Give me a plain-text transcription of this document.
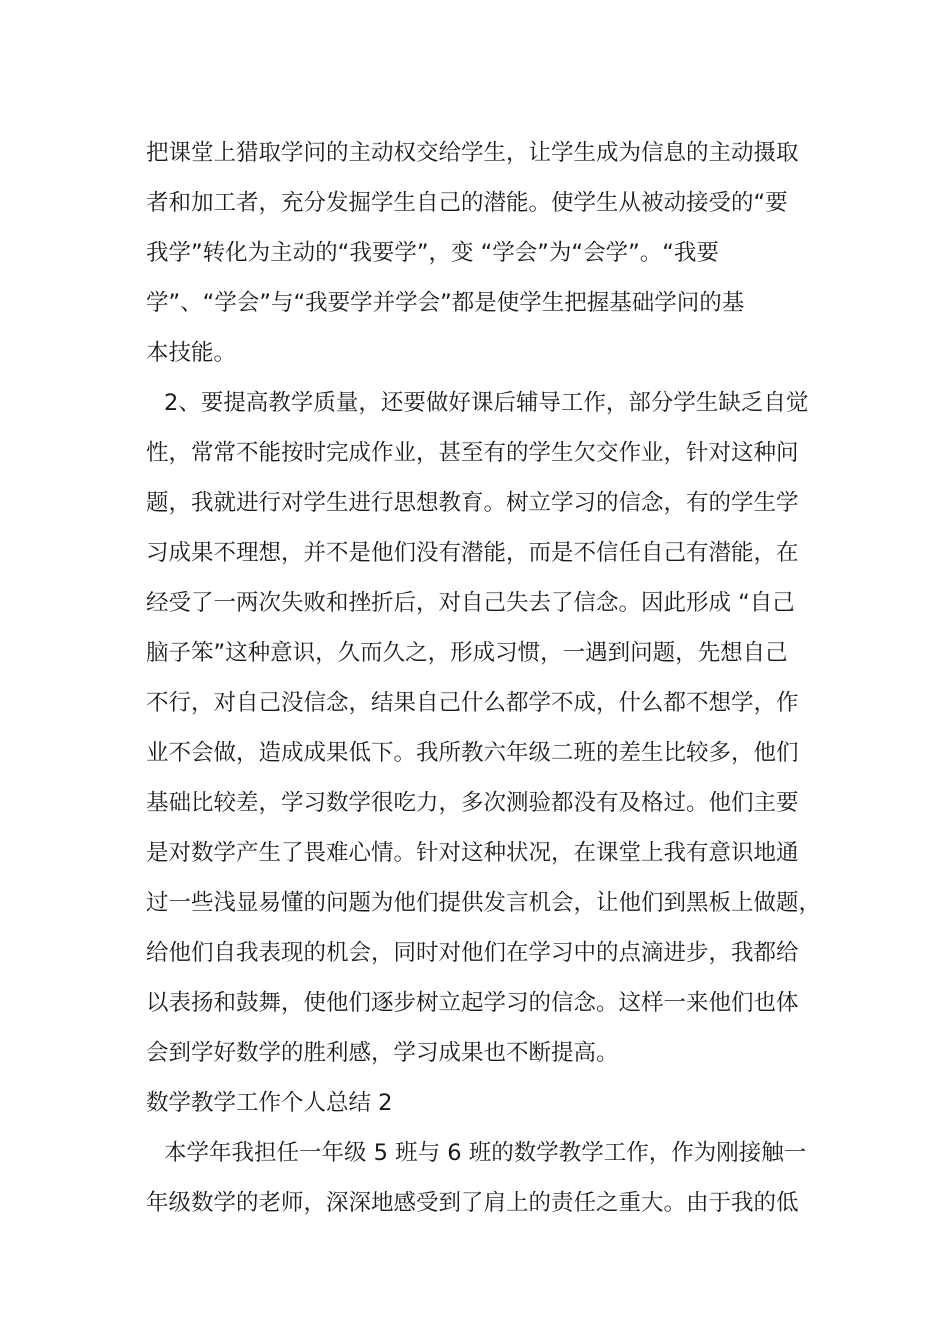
把课堂上猎取学问的主动权交给学生，让学生成为信息的主动摄取
者和加工者，充分发掘学生自己的潜能。使学生从被动接受的“要
我学”转化为主动的“我要学”，变 “学会”为“会学”。“我要
学”、“学会”与“我要学并学会”都是使学生把握基础学问的基
本技能。
2、要提高教学质量，还要做好课后辅导工作，部分学生缺乏自觉
性，常常不能按时完成作业，甚至有的学生欠交作业，针对这种问
题，我就进行对学生进行思想教育。树立学习的信念，有的学生学
习成果不理想，并不是他们没有潜能，而是不信任自己有潜能，在
经受了一两次失败和挫折后，对自己失去了信念。因此形成 “自己
脑子笨”这种意识，久而久之，形成习惯，一遇到问题，先想自己
不行，对自己没信念，结果自己什么都学不成，什么都不想学，作
业不会做，造成成果低下。我所教六年级二班的差生比较多，他们
基础比较差，学习数学很吃力，多次测验都没有及格过。他们主要
是对数学产生了畏难心情。针对这种状况，在课堂上我有意识地通
过一些浅显易懂的问题为他们提供发言机会，让他们到黑板上做题，
给他们自我表现的机会，同时对他们在学习中的点滴进步，我都给
以表扬和鼓舞，使他们逐步树立起学习的信念。这样一来他们也体
会到学好数学的胜利感，学习成果也不断提高。
数学教学工作个人总结 2
本学年我担任一年级 5 班与 6 班的数学教学工作，作为刚接触一
年级数学的老师，深深地感受到了肩上的责任之重大。由于我的低
